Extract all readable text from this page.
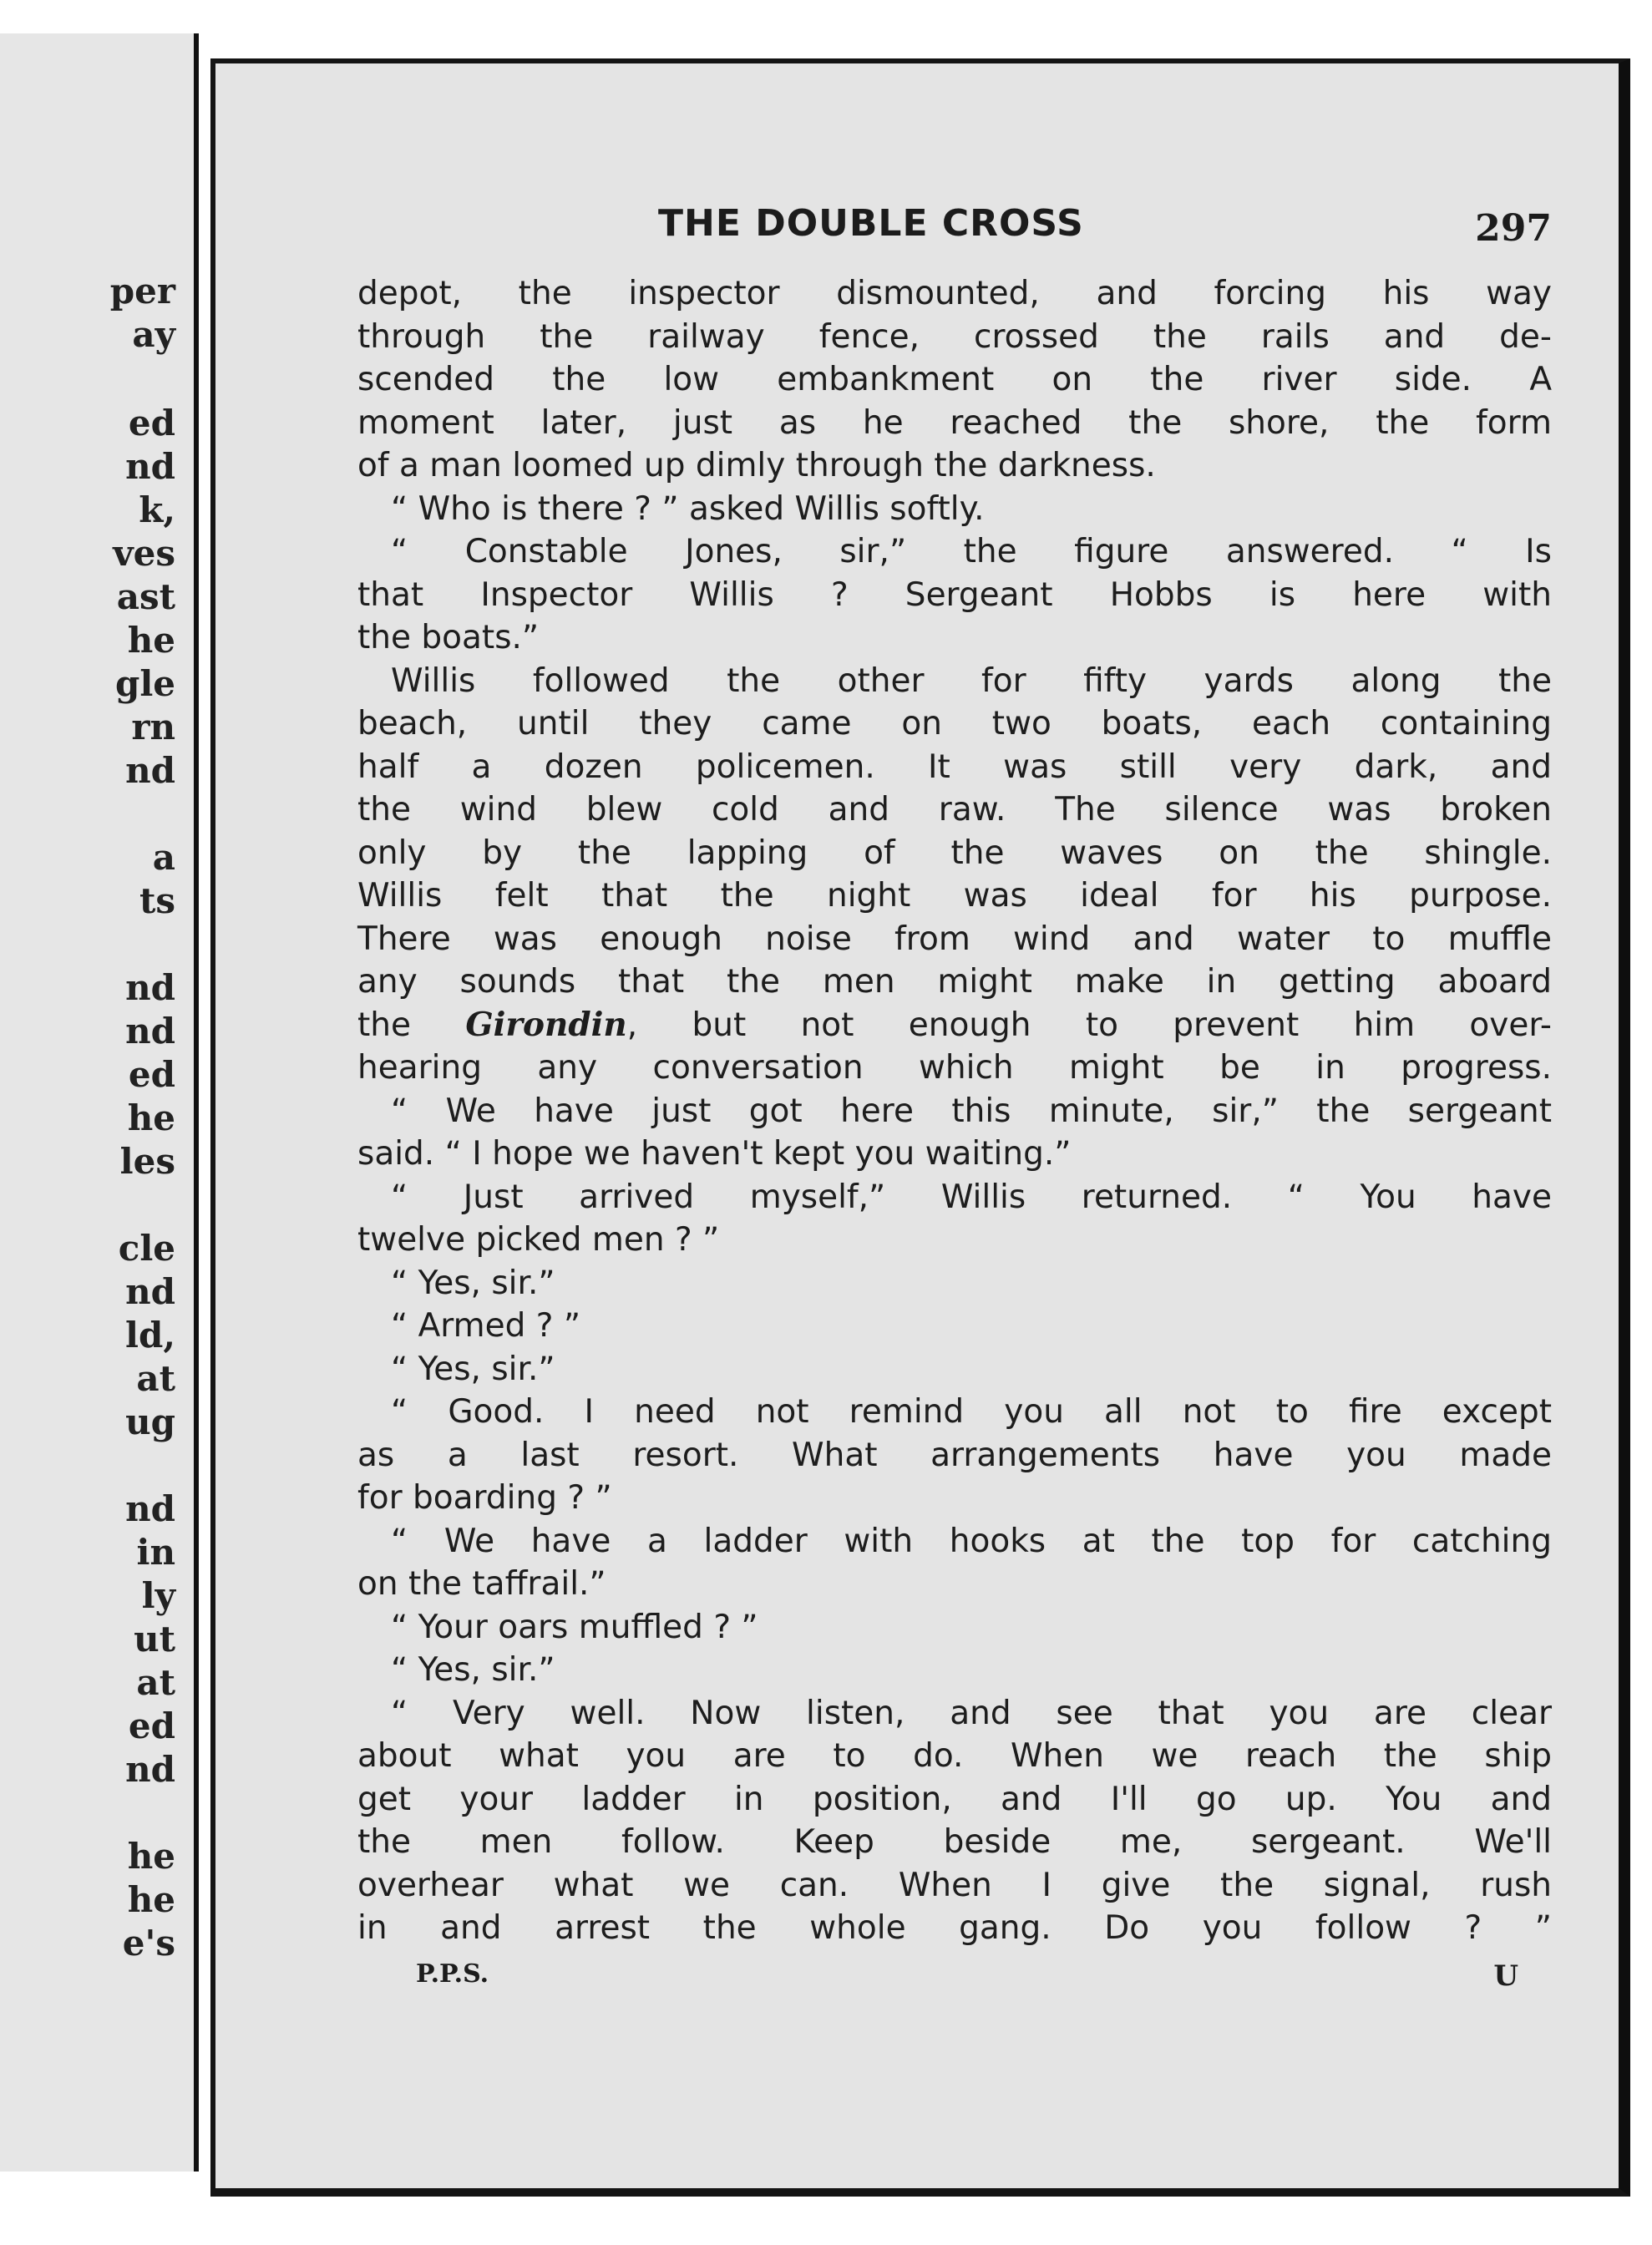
per
ay
ed
nd
k,
ves
ast
he
gle
rn
nd
a
ts
nd
nd
ed
he
les
cle
nd
ld,
at
ug
nd
in
ly
ut
at
ed
nd
he
he
e's
THE DOUBLE CROSS	297
depot, the inspector dismounted, and forcing his way
through the railway fence, crossed the rails and de-
scended the low embankment on the river side. A
moment later, just as he reached the shore, the form
of a man loomed up dimly through the darkness.
“ Who is there ? ” asked Willis softly.
“ Constable Jones, sir,” the figure answered. “ Is
that Inspector Willis ? Sergeant Hobbs is here with
the boats.”
Willis followed the other for fifty yards along the
beach, until they came on two boats, each containing
half a dozen policemen. It was still very dark, and
the wind blew cold and raw. The silence was broken
only by the lapping of the waves on the shingle.
Willis felt that the night was ideal for his purpose.
There was enough noise from wind and water to muffle
any sounds that the men might make in getting aboard
the Girondin, but not enough to prevent him over-
hearing any conversation which might be in progress.
“ We have just got here this minute, sir,” the sergeant
said. “ I hope we haven't kept you waiting.”
“ Just arrived myself,” Willis returned. “ You have
twelve picked men ? ”
“ Yes, sir.”
“ Armed ? ”
“ Yes, sir.”
“ Good. I need not remind you all not to fire except
as a last resort. What arrangements have you made
for boarding ? ”
“ We have a ladder with hooks at the top for catching
on the taffrail.”
“ Your oars muffled ? ”
“ Yes, sir.”
“ Very well. Now listen, and see that you are clear
about what you are to do. When we reach the ship
get your ladder in position, and I'll go up. You and
the men follow. Keep beside me, sergeant. We'll
overhear what we can. When I give the signal, rush
in and arrest the whole gang. Do you follow ? ”
P.P.S.	U
